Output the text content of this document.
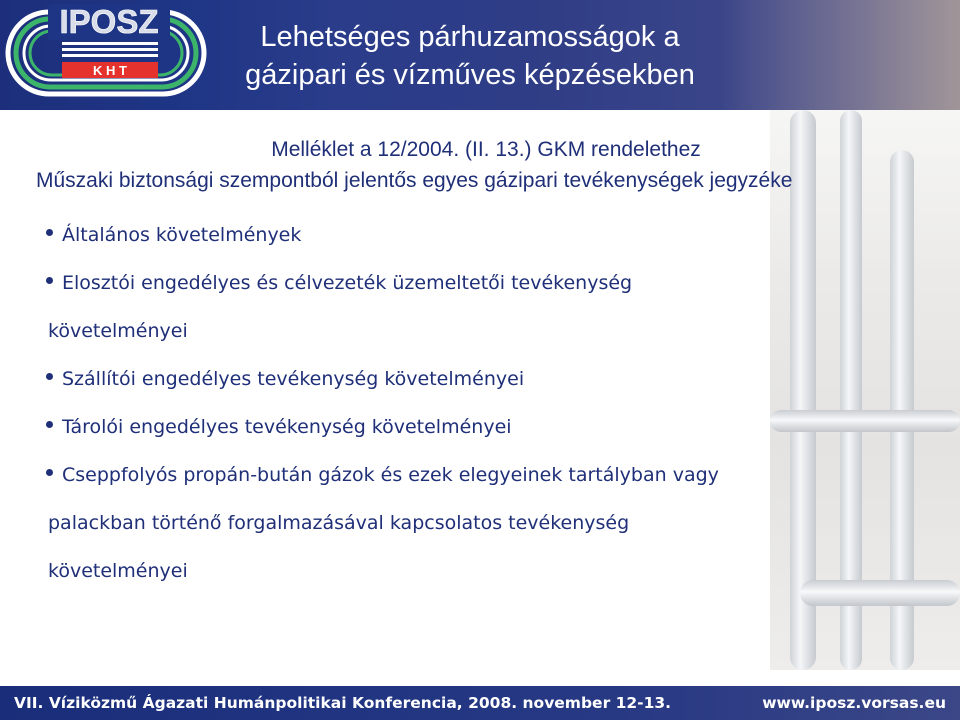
IPOSZ
K H T
Lehetséges párhuzamosságok a
gázipari és vízműves képzésekben
Melléklet a 12/2004. (II. 13.) GKM rendelethez
Műszaki biztonsági szempontból jelentős egyes gázipari tevékenységek jegyzéke
Általános követelmények
Elosztói engedélyes és célvezeték üzemeltetői tevékenység
követelményei
Szállítói engedélyes tevékenység követelményei
Tárolói engedélyes tevékenység követelményei
Cseppfolyós propán-bután gázok és ezek elegyeinek tartályban vagy
palackban történő forgalmazásával kapcsolatos tevékenység
követelményei
VII. Víziközmű Ágazati Humánpolitikai Konferencia, 2008. november 12-13.	www.iposz.vorsas.eu
